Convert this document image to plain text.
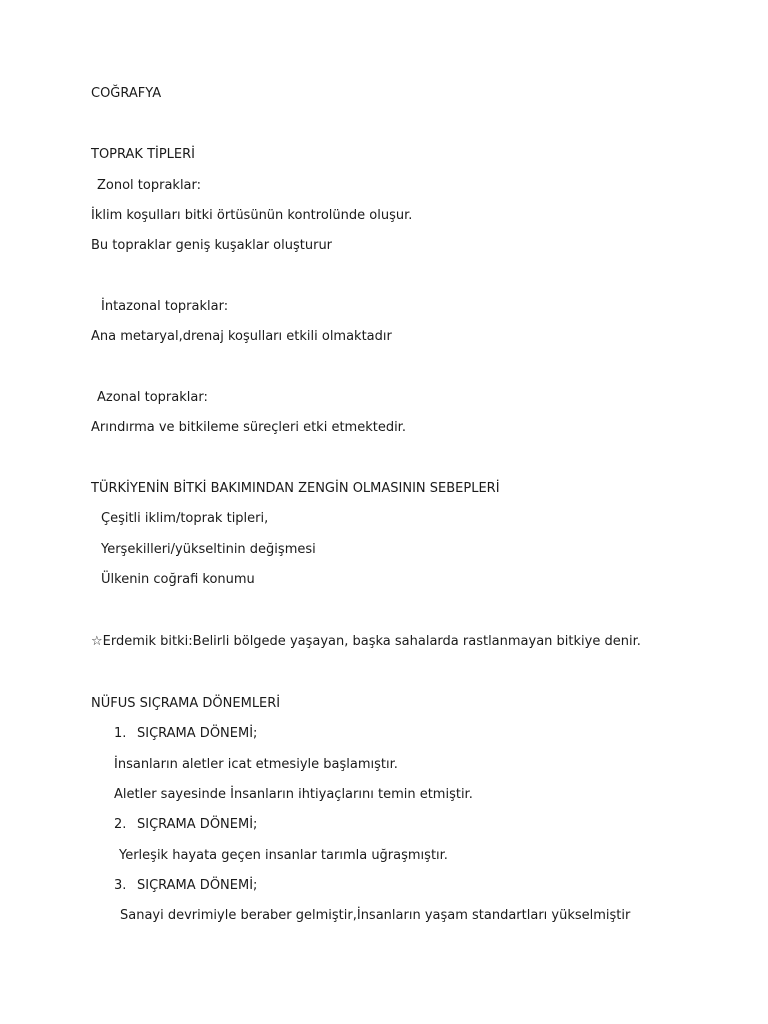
COĞRAFYA

TOPRAK TİPLERİ

Zonol topraklar:

İklim koşulları bitki örtüsünün kontrolünde oluşur.

Bu topraklar geniş kuşaklar oluşturur

İntazonal topraklar:

Ana metaryal,drenaj koşulları etkili olmaktadır

Azonal topraklar:

Arındırma ve bitkileme süreçleri etki etmektedir.

TÜRKİYENİN BİTKİ BAKIMINDAN ZENGİN OLMASININ SEBEPLERİ

Çeşitli iklim/toprak tipleri,

Yerşekilleri/yükseltinin değişmesi

Ülkenin coğrafi konumu

☆Erdemik bitki:Belirli bölgede yaşayan, başka sahalarda rastlanmayan bitkiye denir.

NÜFUS SIÇRAMA DÖNEMLERİ

1. SIÇRAMA DÖNEMİ;

İnsanların aletler icat etmesiyle başlamıştır.

Aletler sayesinde İnsanların ihtiyaçlarını temin etmiştir.

2. SIÇRAMA DÖNEMİ;

Yerleşik hayata geçen insanlar tarımla uğraşmıştır.

3. SIÇRAMA DÖNEMİ;

Sanayi devrimiyle beraber gelmiştir,İnsanların yaşam standartları yükselmiştir
